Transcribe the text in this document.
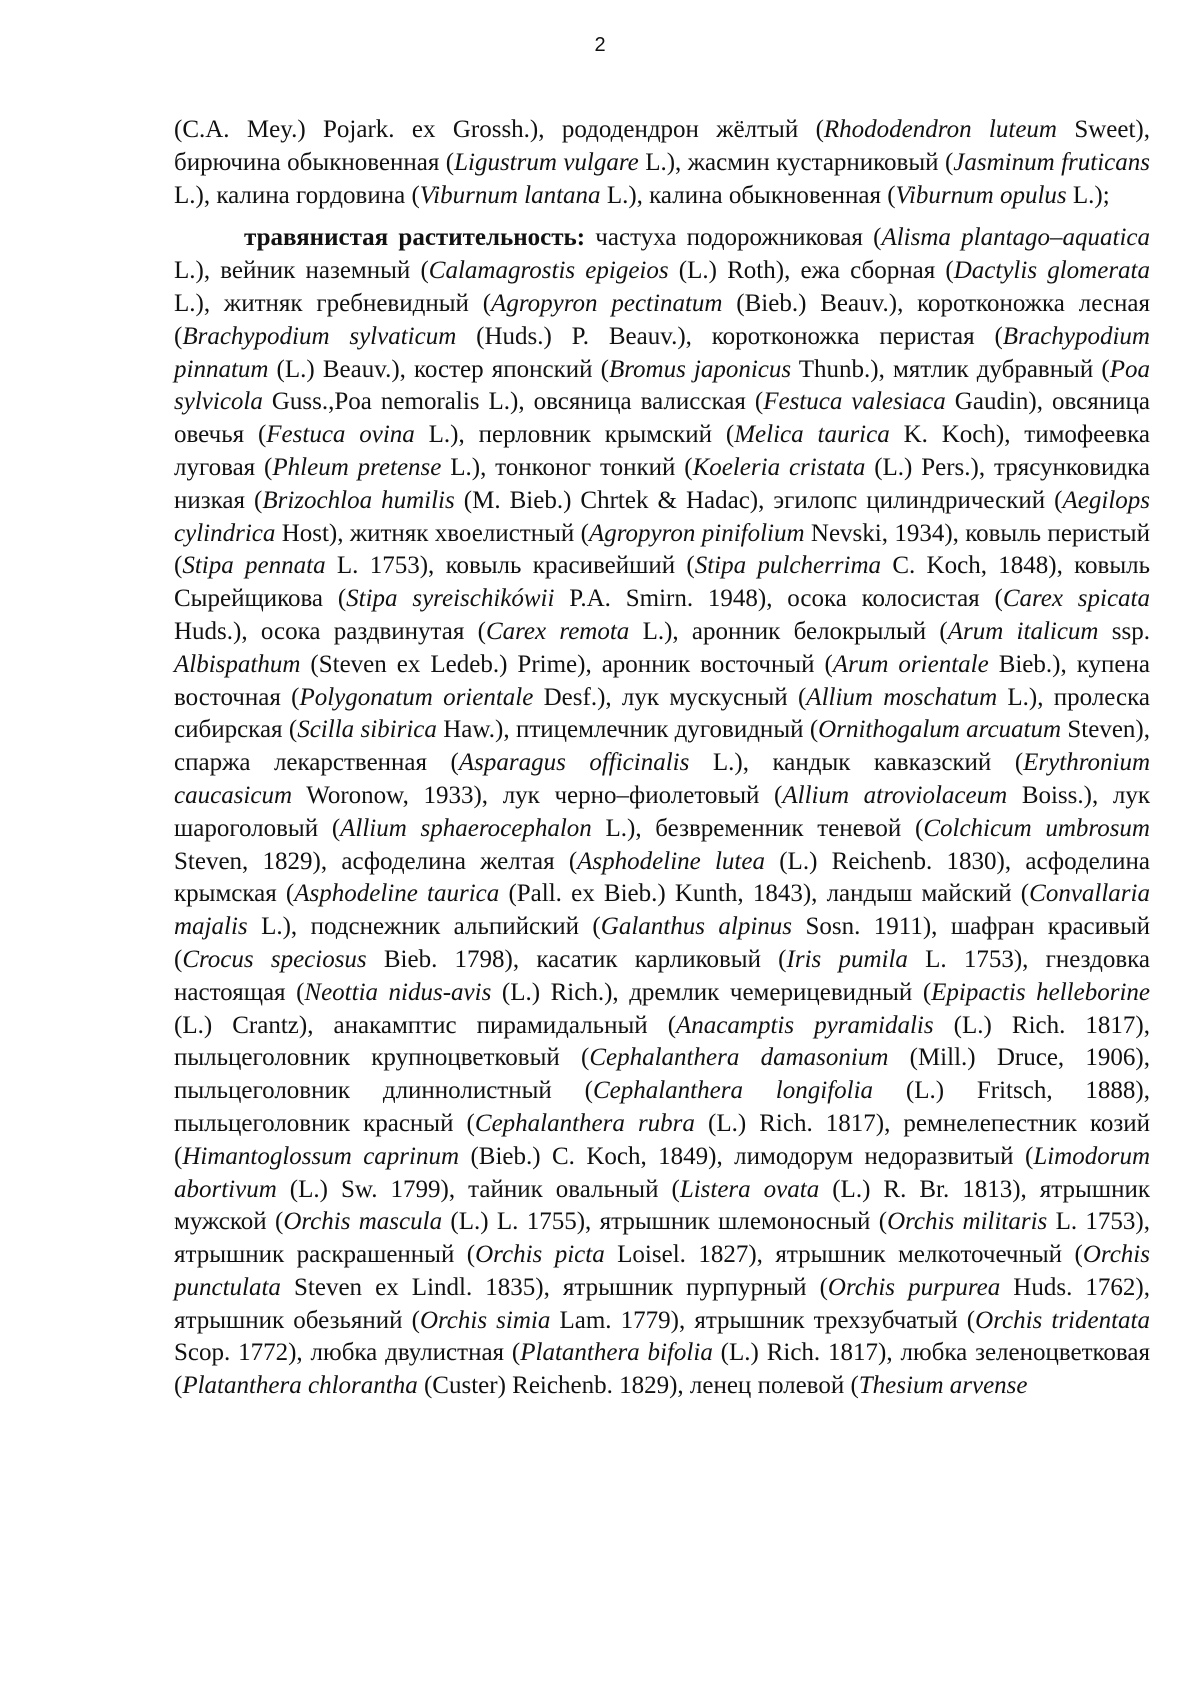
2

(C.A. Mey.) Pojark. ex Grossh.), рододендрон жёлтый (Rhododendron luteum Sweet), бирючина обыкновенная (Ligustrum vulgare L.), жасмин кустарниковый (Jasminum fruticans L.), калина гордовина (Viburnum lantana L.), калина обыкновенная (Viburnum opulus L.);

травянистая растительность: частуха подорожниковая (Alisma plantago–aquatica L.), вейник наземный (Calamagrostis epigeios (L.) Roth), ежа сборная (Dactylis glomerata L.), житняк гребневидный (Agropyron pectinatum (Bieb.) Beauv.), коротконожка лесная (Brachypodium sylvaticum (Huds.) P. Beauv.), коротконожка перистая (Brachypodium pinnatum (L.) Beauv.), костер японский (Bromus japonicus Thunb.), мятлик дубравный (Poa sylvicola Guss.,Poa nemoralis L.), овсяница валисская (Festuca valesiaca Gaudin), овсяница овечья (Festuca ovina L.), перловник крымский (Melica taurica K. Koch), тимофеевка луговая (Phleum pretense L.), тонконог тонкий (Koeleria cristata (L.) Pers.), трясунковидка низкая (Brizochloa humilis (M. Bieb.) Chrtek & Hadac), эгилопс цилиндрический (Aegilops cylindrica Host), житняк хвоелистный (Agropyron pinifolium Nevski, 1934), ковыль перистый (Stipa pennata L. 1753), ковыль красивейший (Stipa pulcherrima C. Koch, 1848), ковыль Сырейщикова (Stipa syreischikówii P.A. Smirn. 1948), осока колосистая (Carex spicata Huds.), осока раздвинутая (Carex remota L.), аронник белокрылый (Arum italicum ssp. Albispathum (Steven ex Ledeb.) Prime), аронник восточный (Arum orientale Bieb.), купена восточная (Polygonatum orientale Desf.), лук мускусный (Allium moschatum L.), пролеска сибирская (Scilla sibirica Haw.), птицемлечник дуговидный (Ornithogalum arcuatum Steven), спаржа лекарственная (Asparagus officinalis L.), кандык кавказский (Erythronium caucasicum Woronow, 1933), лук черно–фиолетовый (Allium atroviolaceum Boiss.), лук шароголовый (Allium sphaerocephalon L.), безвременник теневой (Colchicum umbrosum Steven, 1829), асфоделина желтая (Asphodeline lutea (L.) Reichenb. 1830), асфоделина крымская (Asphodeline taurica (Pall. ex Bieb.) Kunth, 1843), ландыш майский (Convallaria majalis L.), подснежник альпийский (Galanthus alpinus Sosn. 1911), шафран красивый (Crocus speciosus Bieb. 1798), касатик карликовый (Iris pumila L. 1753), гнездовка настоящая (Neottia nidus-avis (L.) Rich.), дремлик чемерицевидный (Epipactis helleborine (L.) Crantz), анакамптис пирамидальный (Anacamptis pyramidalis (L.) Rich. 1817), пыльцеголовник крупноцветковый (Cephalanthera damasonium (Mill.) Druce, 1906), пыльцеголовник длиннолистный (Cephalanthera longifolia (L.) Fritsch, 1888), пыльцеголовник красный (Cephalanthera rubra (L.) Rich. 1817), ремнелепестник козий (Himantoglossum caprinum (Bieb.) C. Koch, 1849), лимодорум недоразвитый (Limodorum abortivum (L.) Sw. 1799), тайник овальный (Listera ovata (L.) R. Br. 1813), ятрышник мужской (Orchis mascula (L.) L. 1755), ятрышник шлемоносный (Orchis militaris L. 1753), ятрышник раскрашенный (Orchis picta Loisel. 1827), ятрышник мелкоточечный (Orchis punctulata Steven ex Lindl. 1835), ятрышник пурпурный (Orchis purpurea Huds. 1762), ятрышник обезьяний (Orchis simia Lam. 1779), ятрышник трехзубчатый (Orchis tridentata Scop. 1772), любка двулистная (Platanthera bifolia (L.) Rich. 1817), любка зеленоцветковая (Platanthera chlorantha (Custer) Reichenb. 1829), ленец полевой (Thesium arvense
